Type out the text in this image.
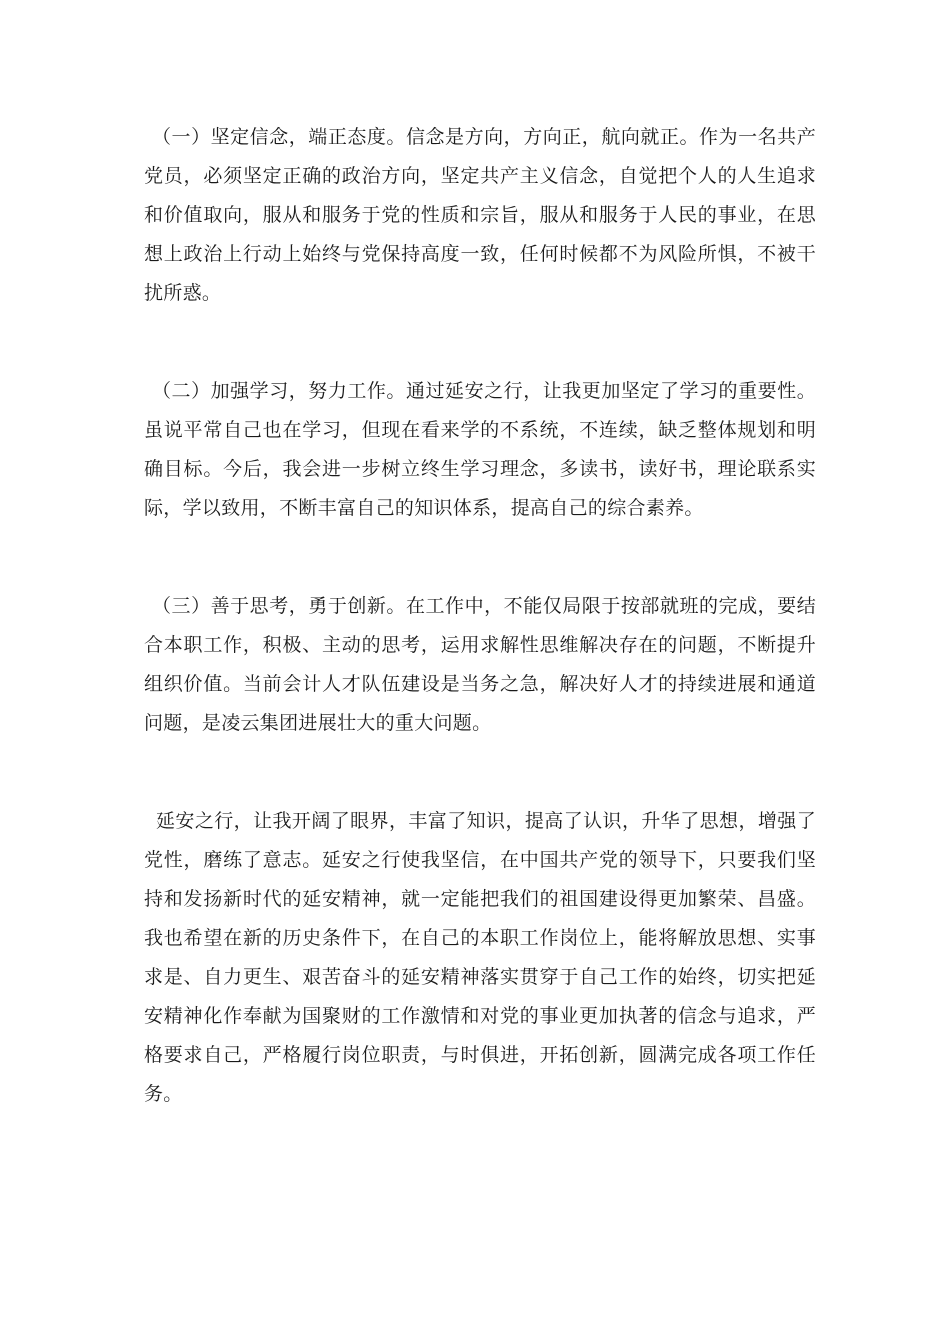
（一）坚定信念，端正态度。信念是方向，方向正，航向就正。作为一名共产党员，必须坚定正确的政治方向，坚定共产主义信念，自觉把个人的人生追求和价值取向，服从和服务于党的性质和宗旨，服从和服务于人民的事业，在思想上政治上行动上始终与党保持高度一致，任何时候都不为风险所惧，不被干扰所惑。

（二）加强学习，努力工作。通过延安之行，让我更加坚定了学习的重要性。虽说平常自己也在学习，但现在看来学的不系统，不连续，缺乏整体规划和明确目标。今后，我会进一步树立终生学习理念，多读书，读好书，理论联系实际，学以致用，不断丰富自己的知识体系，提高自己的综合素养。

（三）善于思考，勇于创新。在工作中，不能仅局限于按部就班的完成，要结合本职工作，积极、主动的思考，运用求解性思维解决存在的问题，不断提升组织价值。当前会计人才队伍建设是当务之急，解决好人才的持续进展和通道问题，是凌云集团进展壮大的重大问题。

延安之行，让我开阔了眼界，丰富了知识，提高了认识，升华了思想，增强了党性，磨练了意志。延安之行使我坚信，在中国共产党的领导下，只要我们坚持和发扬新时代的延安精神，就一定能把我们的祖国建设得更加繁荣、昌盛。我也希望在新的历史条件下，在自己的本职工作岗位上，能将解放思想、实事求是、自力更生、艰苦奋斗的延安精神落实贯穿于自己工作的始终，切实把延安精神化作奉献为国聚财的工作激情和对党的事业更加执著的信念与追求，严格要求自己，严格履行岗位职责，与时俱进，开拓创新，圆满完成各项工作任务。
